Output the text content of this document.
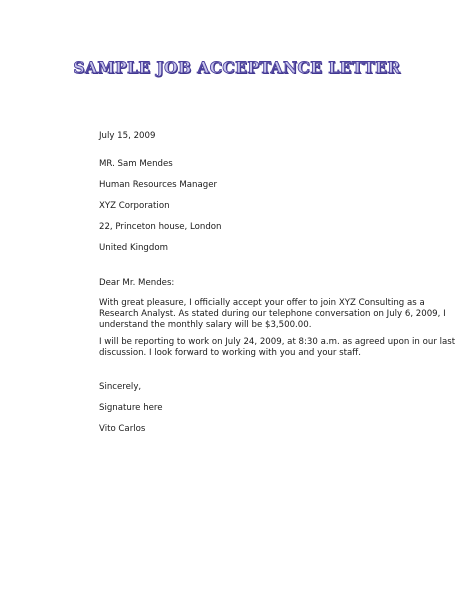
SAMPLE JOB ACCEPTANCE LETTER
July 15, 2009
MR. Sam Mendes
Human Resources Manager
XYZ Corporation
22, Princeton house, London
United Kingdom
Dear Mr. Mendes:
With great pleasure, I officially accept your offer to join XYZ Consulting as a
Research Analyst. As stated during our telephone conversation on July 6, 2009, I
understand the monthly salary will be $3,500.00.
I will be reporting to work on July 24, 2009, at 8:30 a.m. as agreed upon in our last
discussion. I look forward to working with you and your staff.
Sincerely,
Signature here
Vito Carlos
